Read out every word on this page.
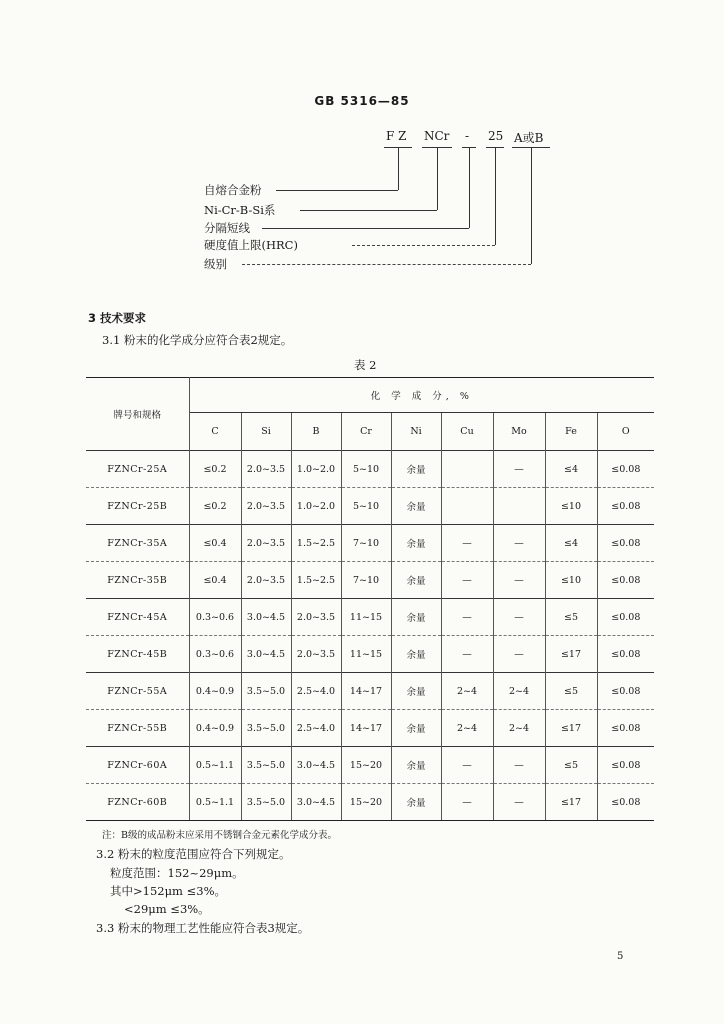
GB 5316—85
F Z NCr - 25 A或B
自熔合金粉
Ni-Cr-B-Si系
分隔短线
硬度值上限(HRC)
级别
3 技术要求
3.1 粉末的化学成分应符合表2规定。
表 2
牌号和规格	化 学 成 分, %								
	C	Si	B	Cr	Ni	Cu	Mo	Fe	O
FZNCr-25A	≤0.2	2.0~3.5	1.0~2.0	5~10	余量		—	≤4	≤0.08
FZNCr-25B	≤0.2	2.0~3.5	1.0~2.0	5~10	余量			≤10	≤0.08
FZNCr-35A	≤0.4	2.0~3.5	1.5~2.5	7~10	余量	—	—	≤4	≤0.08
FZNCr-35B	≤0.4	2.0~3.5	1.5~2.5	7~10	余量	—	—	≤10	≤0.08
FZNCr-45A	0.3~0.6	3.0~4.5	2.0~3.5	11~15	余量	—	—	≤5	≤0.08
FZNCr-45B	0.3~0.6	3.0~4.5	2.0~3.5	11~15	余量	—	—	≤17	≤0.08
FZNCr-55A	0.4~0.9	3.5~5.0	2.5~4.0	14~17	余量	2~4	2~4	≤5	≤0.08
FZNCr-55B	0.4~0.9	3.5~5.0	2.5~4.0	14~17	余量	2~4	2~4	≤17	≤0.08
FZNCr-60A	0.5~1.1	3.5~5.0	3.0~4.5	15~20	余量	—	—	≤5	≤0.08
FZNCr-60B	0.5~1.1	3.5~5.0	3.0~4.5	15~20	余量	—	—	≤17	≤0.08
注：B级的成品粉末应采用不锈钢合金元素化学成分表。
3.2 粉末的粒度范围应符合下列规定。
粒度范围：152~29μm。
其中>152μm ≤3%。
<29μm ≤3%。
3.3 粉末的物理工艺性能应符合表3规定。
5
